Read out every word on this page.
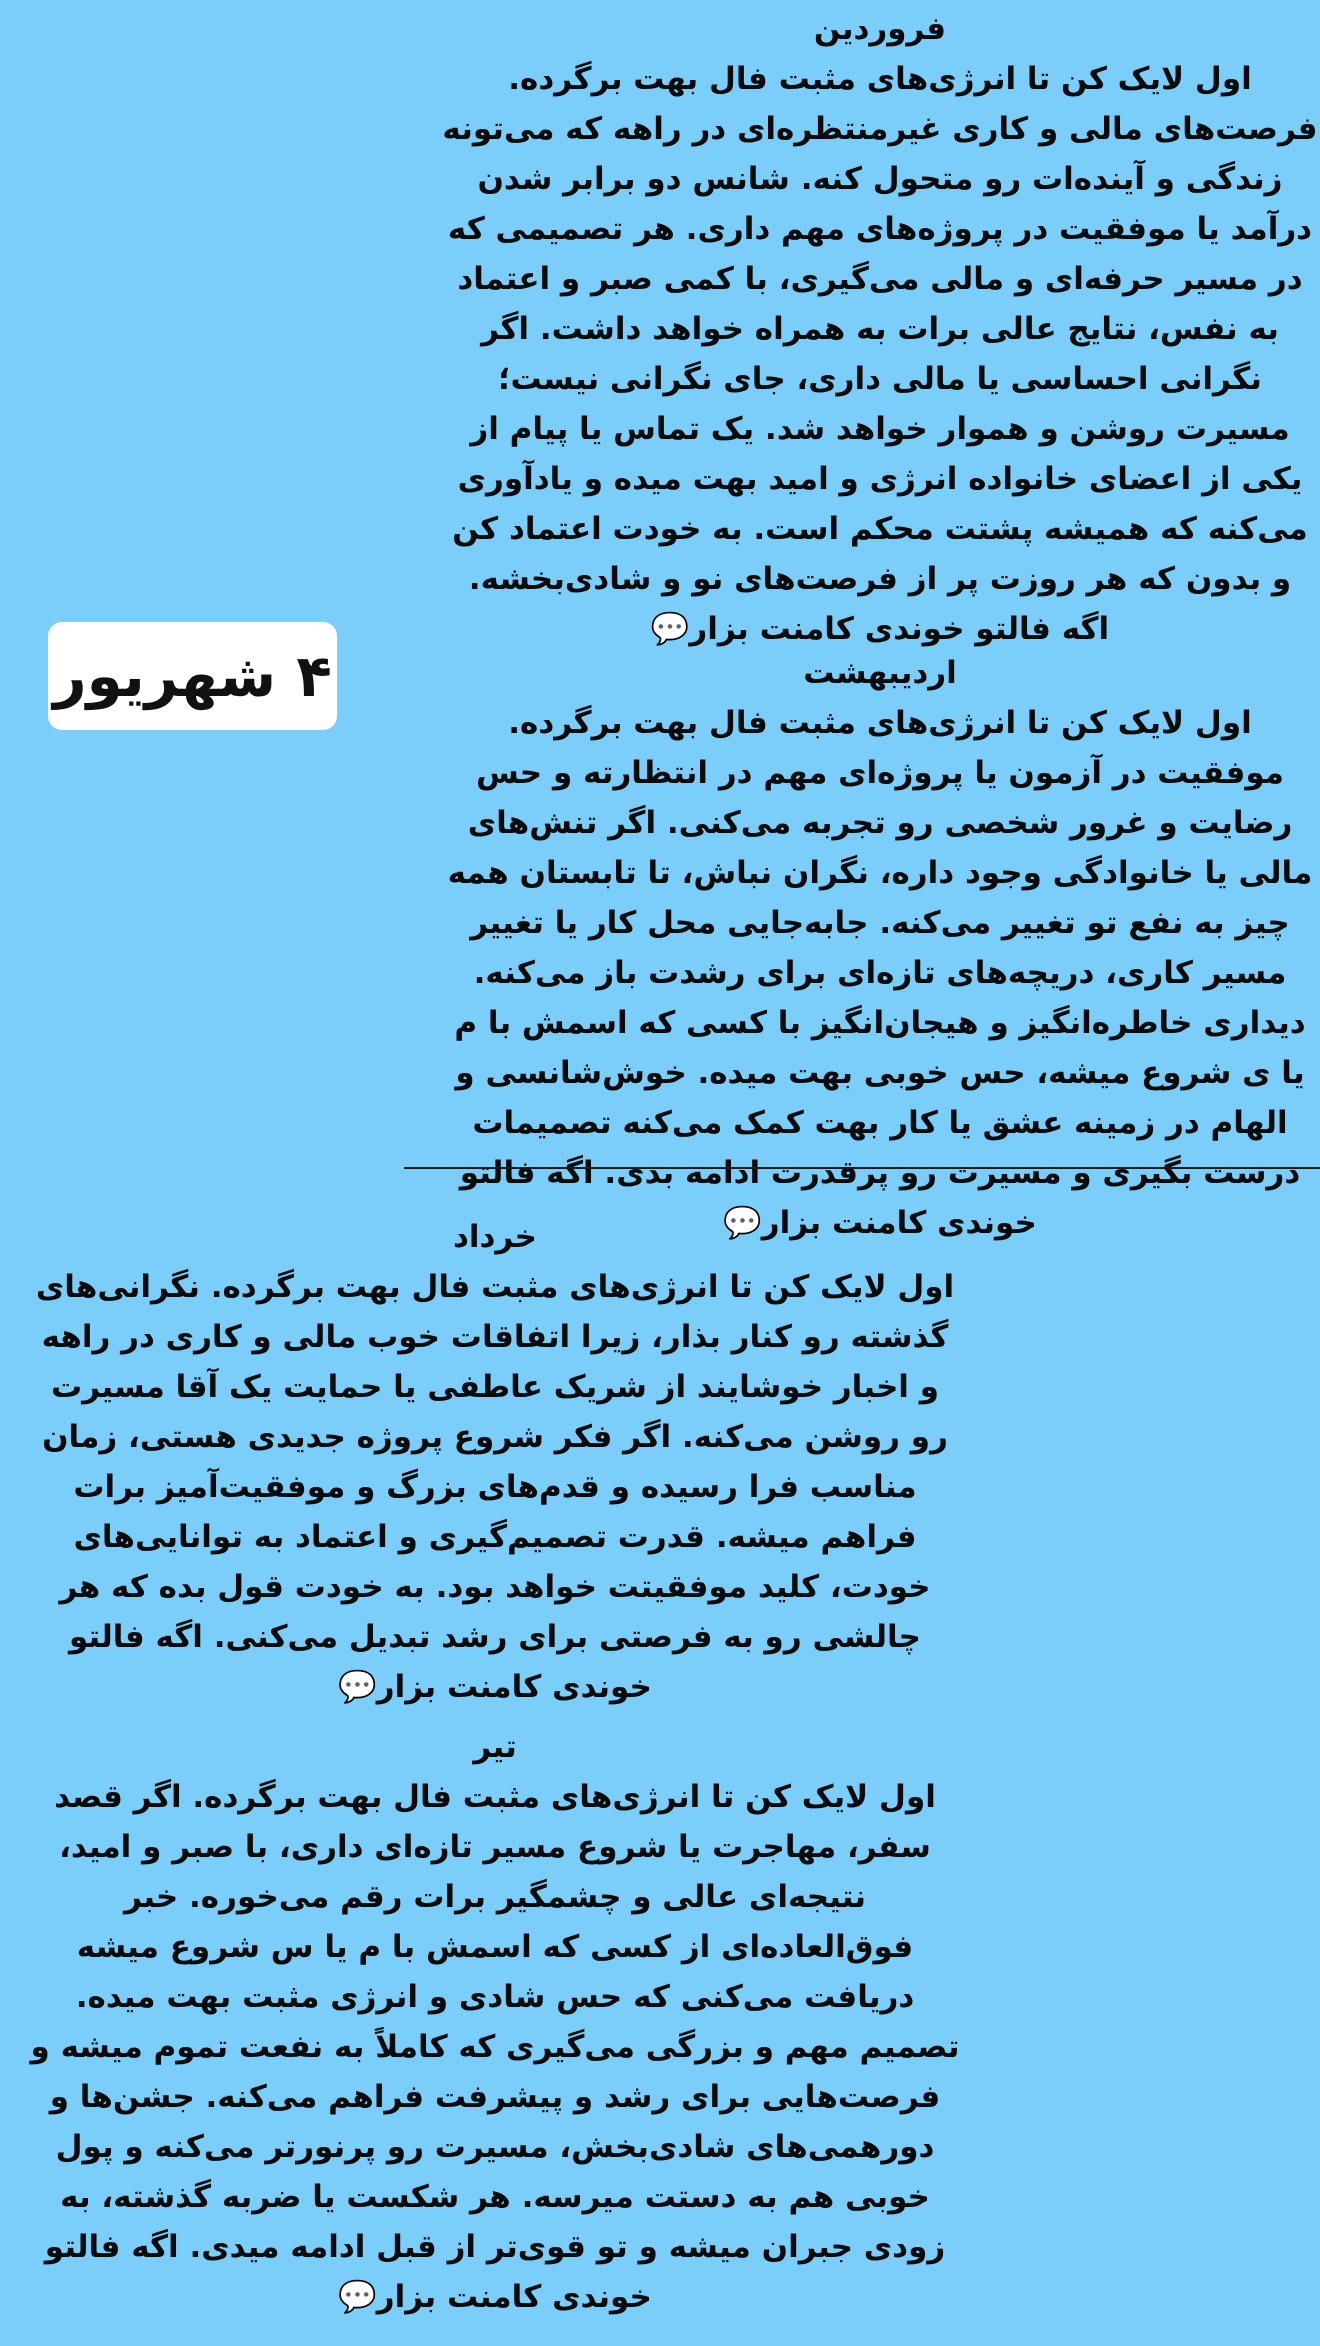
فروردین
اول لایک کن تا انرژی‌های مثبت فال بهت برگرده. فرصت‌های مالی و کاری غیرمنتظره‌ای در راهه که می‌تونه زندگی و آینده‌ات رو متحول کنه. شانس دو برابر شدن درآمد یا موفقیت در پروژه‌های مهم داری. هر تصمیمی که در مسیر حرفه‌ای و مالی می‌گیری، با کمی صبر و اعتماد به نفس، نتایج عالی برات به همراه خواهد داشت. اگر نگرانی احساسی یا مالی داری، جای نگرانی نیست؛ مسیرت روشن و هموار خواهد شد. یک تماس یا پیام از یکی از اعضای خانواده انرژی و امید بهت میده و یادآوری می‌کنه که همیشه پشتت محکم است. به خودت اعتماد کن و بدون که هر روزت پر از فرصت‌های نو و شادی‌بخشه. اگه فالتو خوندی کامنت بزار💬
۴ شهریور	اردیبهشت
اول لایک کن تا انرژی‌های مثبت فال بهت برگرده. موفقیت در آزمون یا پروژه‌ای مهم در انتظارته و حس رضایت و غرور شخصی رو تجربه می‌کنی. اگر تنش‌های مالی یا خانوادگی وجود داره، نگران نباش، تا تابستان همه چیز به نفع تو تغییر می‌کنه. جابه‌جایی محل کار یا تغییر مسیر کاری، دریچه‌های تازه‌ای برای رشدت باز می‌کنه. دیداری خاطره‌انگیز و هیجان‌انگیز با کسی که اسمش با م یا ی شروع میشه، حس خوبی بهت میده. خوش‌شانسی و الهام در زمینه عشق یا کار بهت کمک می‌کنه تصمیمات درست بگیری و مسیرت رو پرقدرت ادامه بدی. اگه فالتو خوندی کامنت بزار💬
خرداد
اول لایک کن تا انرژی‌های مثبت فال بهت برگرده. نگرانی‌های گذشته رو کنار بذار، زیرا اتفاقات خوب مالی و کاری در راهه و اخبار خوشایند از شریک عاطفی یا حمایت یک آقا مسیرت رو روشن می‌کنه. اگر فکر شروع پروژه جدیدی هستی، زمان مناسب فرا رسیده و قدم‌های بزرگ و موفقیت‌آمیز برات فراهم میشه. قدرت تصمیم‌گیری و اعتماد به توانایی‌های خودت، کلید موفقیتت خواهد بود. به خودت قول بده که هر چالشی رو به فرصتی برای رشد تبدیل می‌کنی. اگه فالتو خوندی کامنت بزار💬
تیر
اول لایک کن تا انرژی‌های مثبت فال بهت برگرده. اگر قصد سفر، مهاجرت یا شروع مسیر تازه‌ای داری، با صبر و امید، نتیجه‌ای عالی و چشمگیر برات رقم می‌خوره. خبر فوق‌العاده‌ای از کسی که اسمش با م یا س شروع میشه دریافت می‌کنی که حس شادی و انرژی مثبت بهت میده. تصمیم مهم و بزرگی می‌گیری که کاملاً به نفعت تموم میشه و فرصت‌هایی برای رشد و پیشرفت فراهم می‌کنه. جشن‌ها و دورهمی‌های شادی‌بخش، مسیرت رو پرنورتر می‌کنه و پول خوبی هم به دستت میرسه. هر شکست یا ضربه گذشته، به زودی جبران میشه و تو قوی‌تر از قبل ادامه میدی. اگه فالتو خوندی کامنت بزار💬
